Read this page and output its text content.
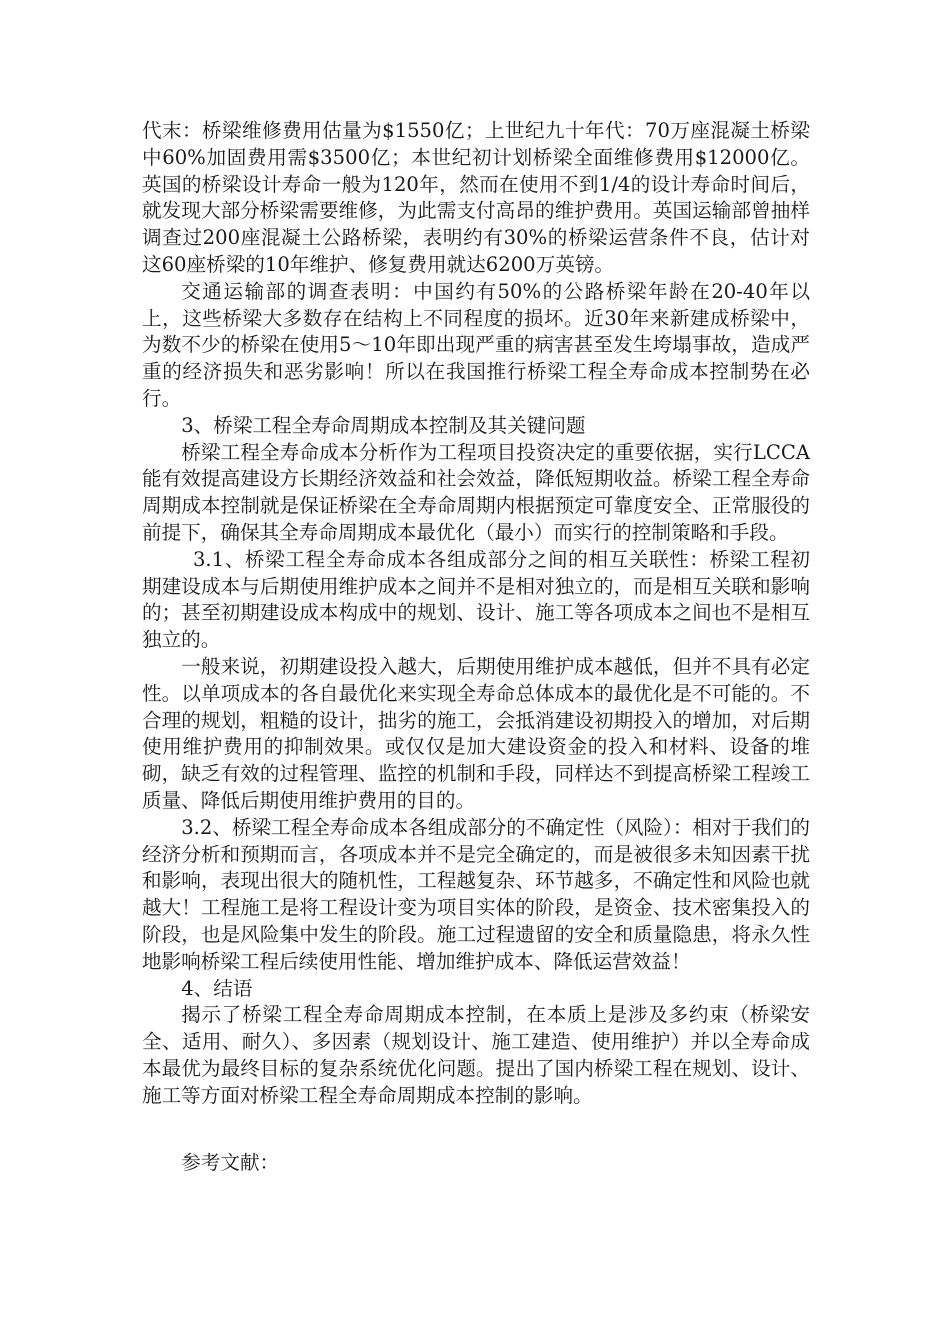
代末：桥梁维修费用估量为$1550亿；上世纪九十年代：70万座混凝土桥梁中60%加固费用需$3500亿；本世纪初计划桥梁全面维修费用$12000亿。英国的桥梁设计寿命一般为120年，然而在使用不到1/4的设计寿命时间后，就发现大部分桥梁需要维修，为此需支付高昂的维护费用。英国运输部曾抽样调查过200座混凝土公路桥梁，表明约有30%的桥梁运营条件不良，估计对这60座桥梁的10年维护、修复费用就达6200万英镑。

交通运输部的调查表明：中国约有50%的公路桥梁年龄在20-40年以上，这些桥梁大多数存在结构上不同程度的损坏。近30年来新建成桥梁中，为数不少的桥梁在使用5～10年即出现严重的病害甚至发生垮塌事故，造成严重的经济损失和恶劣影响！所以在我国推行桥梁工程全寿命成本控制势在必行。

3、桥梁工程全寿命周期成本控制及其关键问题

桥梁工程全寿命成本分析作为工程项目投资决定的重要依据，实行LCCA能有效提高建设方长期经济效益和社会效益，降低短期收益。桥梁工程全寿命周期成本控制就是保证桥梁在全寿命周期内根据预定可靠度安全、正常服役的前提下，确保其全寿命周期成本最优化（最小）而实行的控制策略和手段。

3.1、桥梁工程全寿命成本各组成部分之间的相互关联性：桥梁工程初期建设成本与后期使用维护成本之间并不是相对独立的，而是相互关联和影响的；甚至初期建设成本构成中的规划、设计、施工等各项成本之间也不是相互独立的。

一般来说，初期建设投入越大，后期使用维护成本越低，但并不具有必定性。以单项成本的各自最优化来实现全寿命总体成本的最优化是不可能的。不合理的规划，粗糙的设计，拙劣的施工，会抵消建设初期投入的增加，对后期使用维护费用的抑制效果。或仅仅是加大建设资金的投入和材料、设备的堆砌，缺乏有效的过程管理、监控的机制和手段，同样达不到提高桥梁工程竣工质量、降低后期使用维护费用的目的。

3.2、桥梁工程全寿命成本各组成部分的不确定性（风险）：相对于我们的经济分析和预期而言，各项成本并不是完全确定的，而是被很多未知因素干扰和影响，表现出很大的随机性，工程越复杂、环节越多，不确定性和风险也就越大！工程施工是将工程设计变为项目实体的阶段，是资金、技术密集投入的阶段，也是风险集中发生的阶段。施工过程遗留的安全和质量隐患，将永久性地影响桥梁工程后续使用性能、增加维护成本、降低运营效益！

4、结语

揭示了桥梁工程全寿命周期成本控制，在本质上是涉及多约束（桥梁安全、适用、耐久）、多因素（规划设计、施工建造、使用维护）并以全寿命成本最优为最终目标的复杂系统优化问题。提出了国内桥梁工程在规划、设计、施工等方面对桥梁工程全寿命周期成本控制的影响。

参考文献：
